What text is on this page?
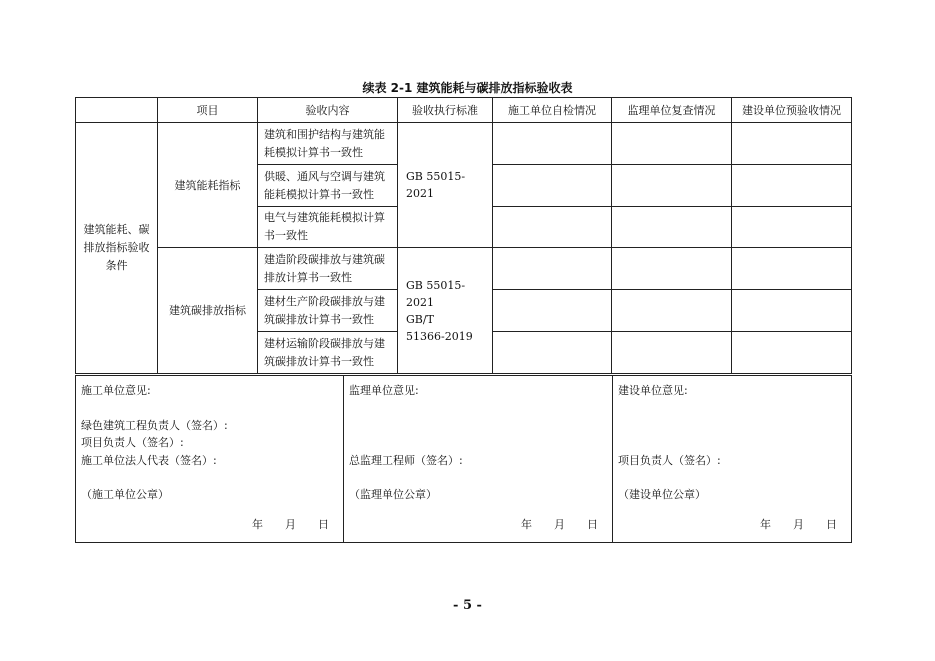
续表 2-1 建筑能耗与碳排放指标验收表
	项目	验收内容	验收执行标准	施工单位自检情况	监理单位复查情况	建设单位预验收情况
建筑能耗、碳排放指标验收条件	建筑能耗指标	建筑和围护结构与建筑能耗模拟计算书一致性	GB 55015-2021			

		供暖、通风与空调与建筑能耗模拟计算书一致性				
		电气与建筑能耗模拟计算书一致性				
	建筑碳排放指标	建造阶段碳排放与建筑碳排放计算书一致性	GB 55015-2021
GB/T
51366-2019			

		建材生产阶段碳排放与建筑碳排放计算书一致性				
		建材运输阶段碳排放与建筑碳排放计算书一致性				
施工单位意见:
绿色建筑工程负责人（签名）:
项目负责人（签名）:
施工单位法人代表（签名）:
（施工单位公章）
年 月 日

监理单位意见:
总监理工程师（签名）:
（监理单位公章）
年 月 日

建设单位意见:
项目负责人（签名）:
（建设单位公章）
年 月 日
- 5 -
